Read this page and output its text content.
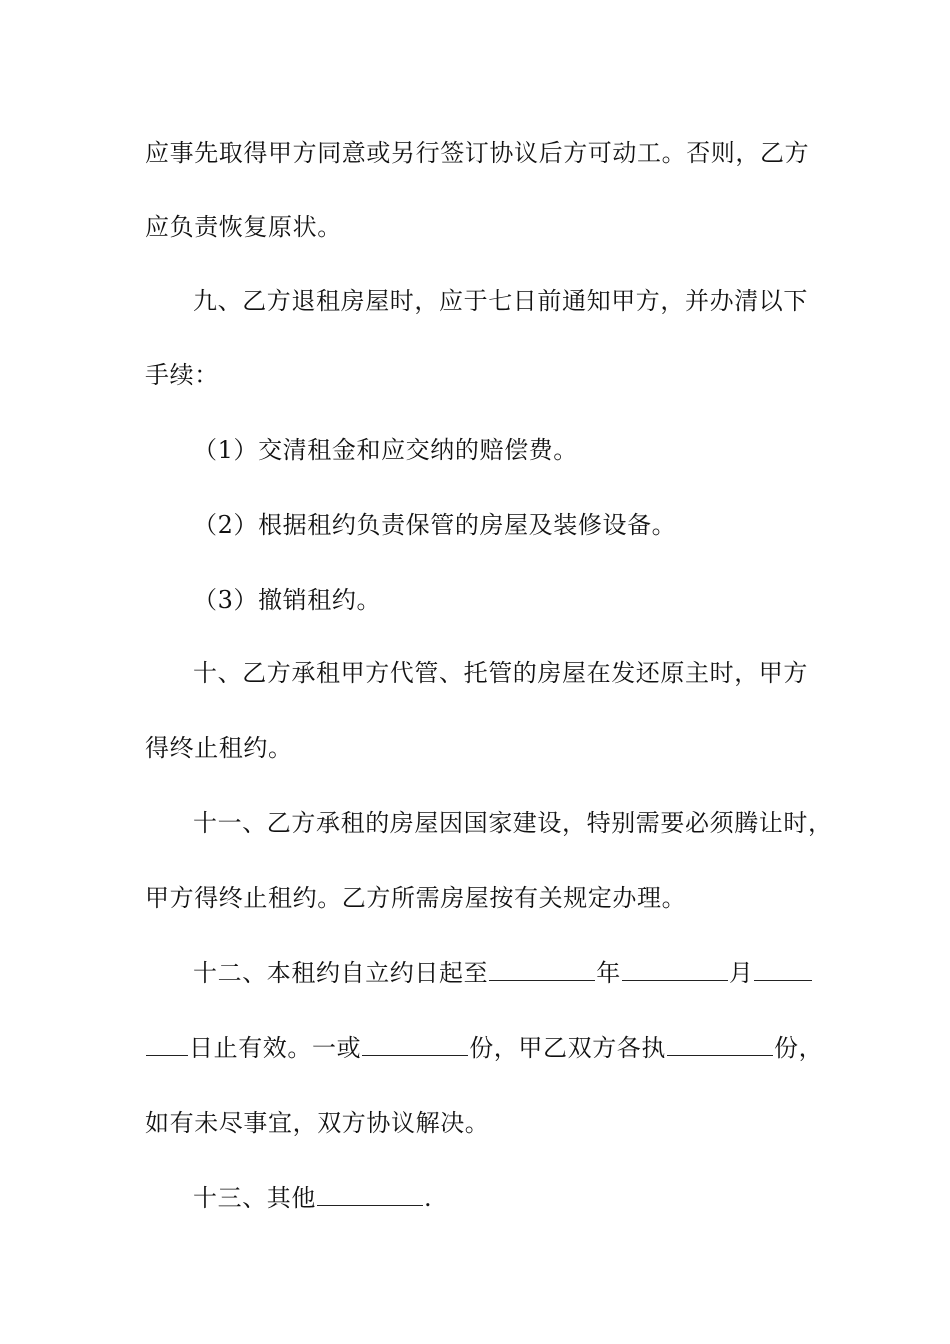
应事先取得甲方同意或另行签订协议后方可动工。否则，乙方
应负责恢复原状。
九、乙方退租房屋时，应于七日前通知甲方，并办清以下
手续：
（1）交清租金和应交纳的赔偿费。
（2）根据租约负责保管的房屋及装修设备。
（3）撤销租约。
十、乙方承租甲方代管、托管的房屋在发还原主时，甲方
得终止租约。
十一、乙方承租的房屋因国家建设，特别需要必须腾让时，
甲方得终止租约。乙方所需房屋按有关规定办理。
十二、本租约自立约日起至	年	月
日止有效。一或	份，甲乙双方各执	份，
如有未尽事宜，双方协议解决。
十三、其他	.
